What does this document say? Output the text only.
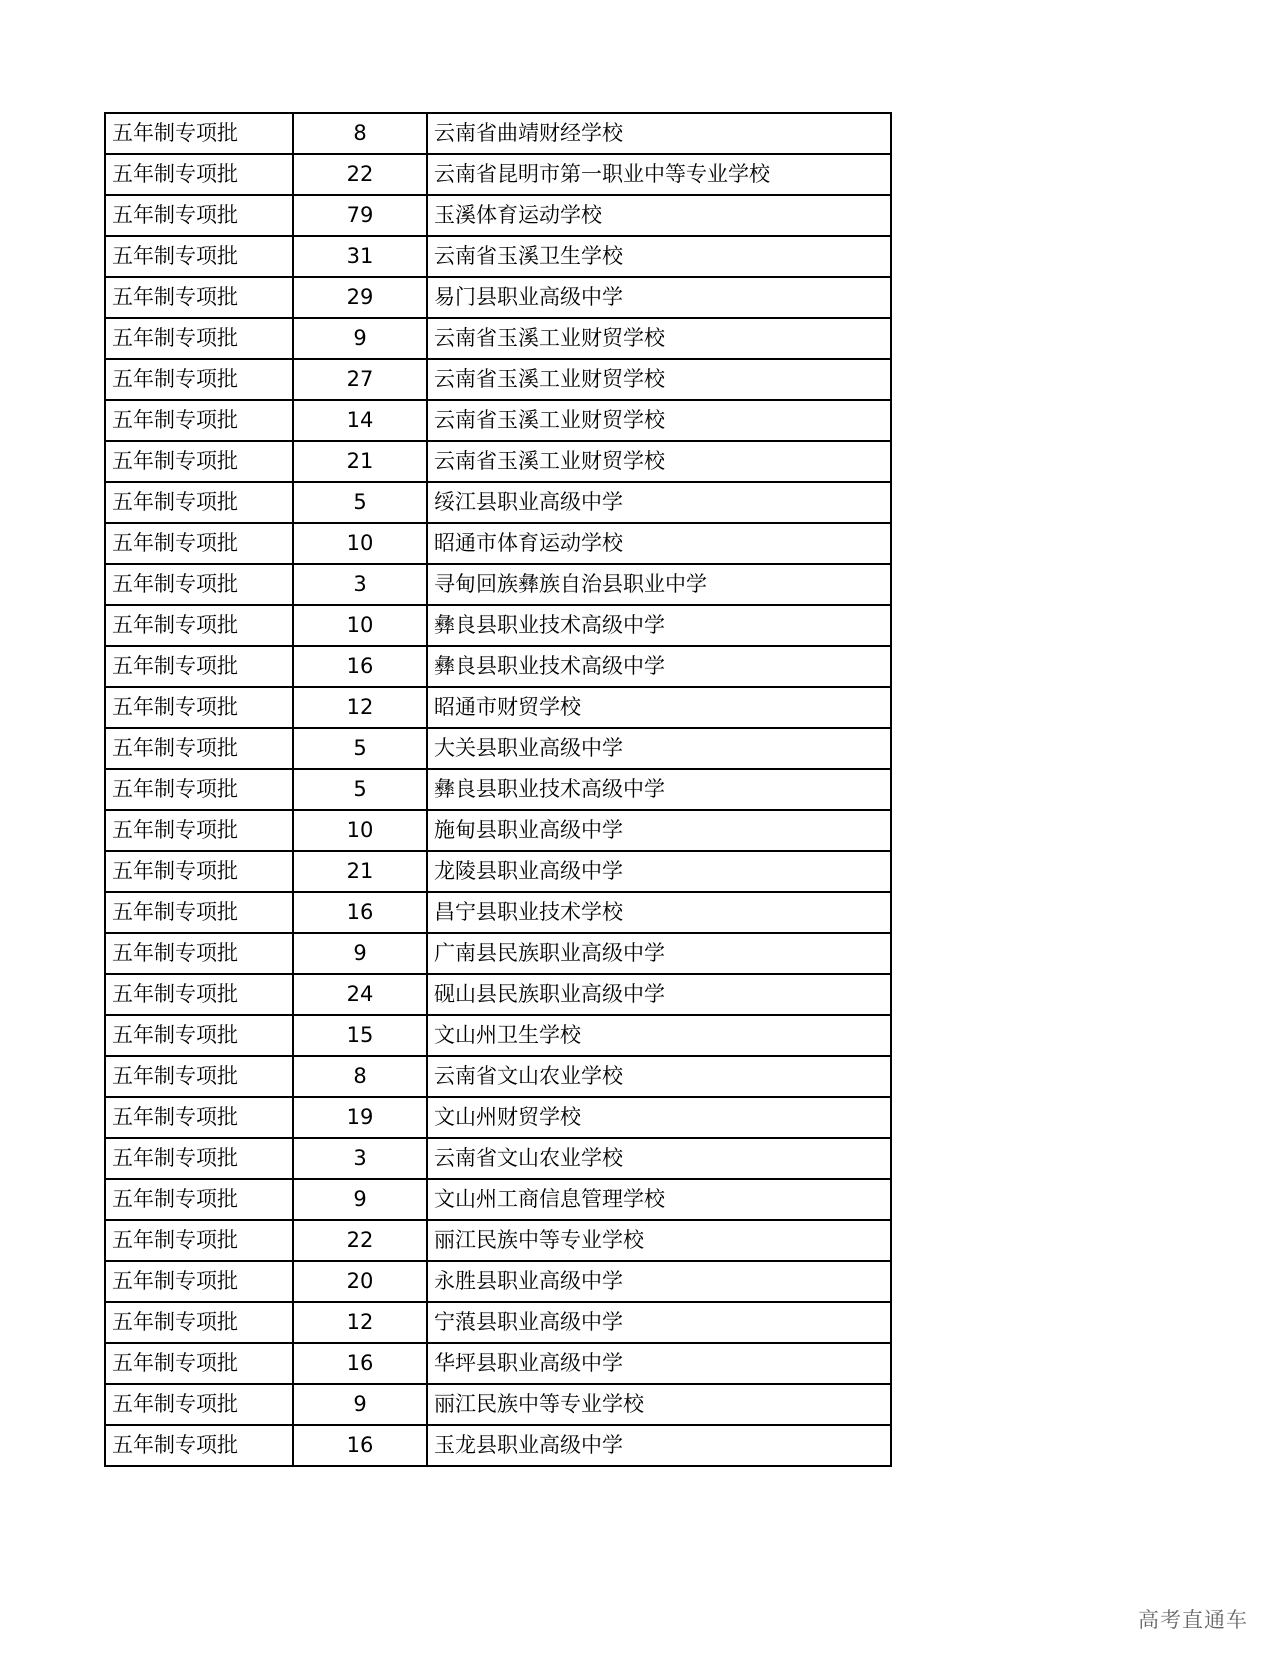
五年制专项批	8	云南省曲靖财经学校
五年制专项批	22	云南省昆明市第一职业中等专业学校
五年制专项批	79	玉溪体育运动学校
五年制专项批	31	云南省玉溪卫生学校
五年制专项批	29	易门县职业高级中学
五年制专项批	9	云南省玉溪工业财贸学校
五年制专项批	27	云南省玉溪工业财贸学校
五年制专项批	14	云南省玉溪工业财贸学校
五年制专项批	21	云南省玉溪工业财贸学校
五年制专项批	5	绥江县职业高级中学
五年制专项批	10	昭通市体育运动学校
五年制专项批	3	寻甸回族彝族自治县职业中学
五年制专项批	10	彝良县职业技术高级中学
五年制专项批	16	彝良县职业技术高级中学
五年制专项批	12	昭通市财贸学校
五年制专项批	5	大关县职业高级中学
五年制专项批	5	彝良县职业技术高级中学
五年制专项批	10	施甸县职业高级中学
五年制专项批	21	龙陵县职业高级中学
五年制专项批	16	昌宁县职业技术学校
五年制专项批	9	广南县民族职业高级中学
五年制专项批	24	砚山县民族职业高级中学
五年制专项批	15	文山州卫生学校
五年制专项批	8	云南省文山农业学校
五年制专项批	19	文山州财贸学校
五年制专项批	3	云南省文山农业学校
五年制专项批	9	文山州工商信息管理学校
五年制专项批	22	丽江民族中等专业学校
五年制专项批	20	永胜县职业高级中学
五年制专项批	12	宁蒗县职业高级中学
五年制专项批	16	华坪县职业高级中学
五年制专项批	9	丽江民族中等专业学校
五年制专项批	16	玉龙县职业高级中学
高考直通车
